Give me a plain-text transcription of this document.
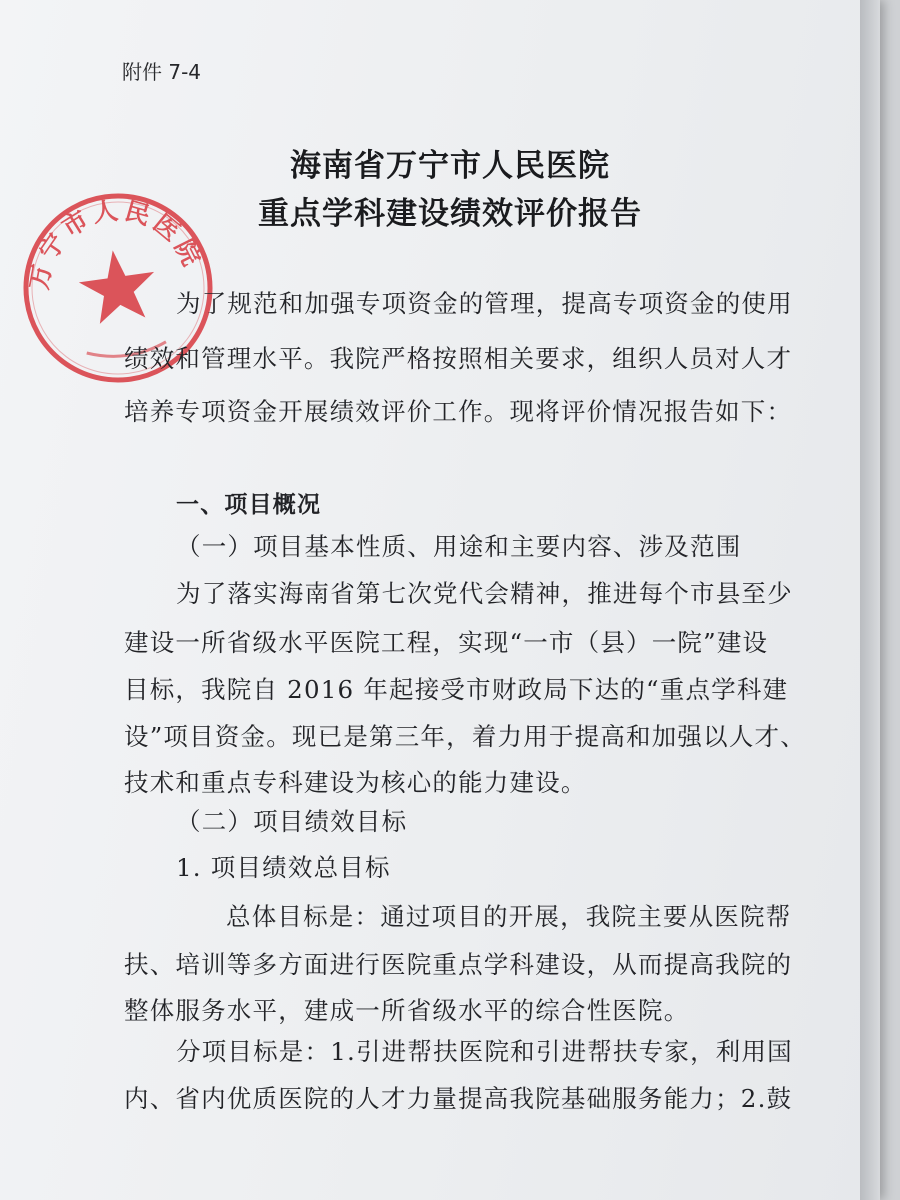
附件 7-4
海南省万宁市人民医院
重点学科建设绩效评价报告
万宁市人民医院
为了规范和加强专项资金的管理，提高专项资金的使用
绩效和管理水平。我院严格按照相关要求，组织人员对人才
培养专项资金开展绩效评价工作。现将评价情况报告如下：
一、项目概况
（一）项目基本性质、用途和主要内容、涉及范围
为了落实海南省第七次党代会精神，推进每个市县至少
建设一所省级水平医院工程，实现“一市（县）一院”建设
目标，我院自 2016 年起接受市财政局下达的“重点学科建
设”项目资金。现已是第三年，着力用于提高和加强以人才、
技术和重点专科建设为核心的能力建设。
（二）项目绩效目标
1. 项目绩效总目标
总体目标是：通过项目的开展，我院主要从医院帮
扶、培训等多方面进行医院重点学科建设，从而提高我院的
整体服务水平，建成一所省级水平的综合性医院。
分项目标是：1.引进帮扶医院和引进帮扶专家，利用国
内、省内优质医院的人才力量提高我院基础服务能力；2.鼓
